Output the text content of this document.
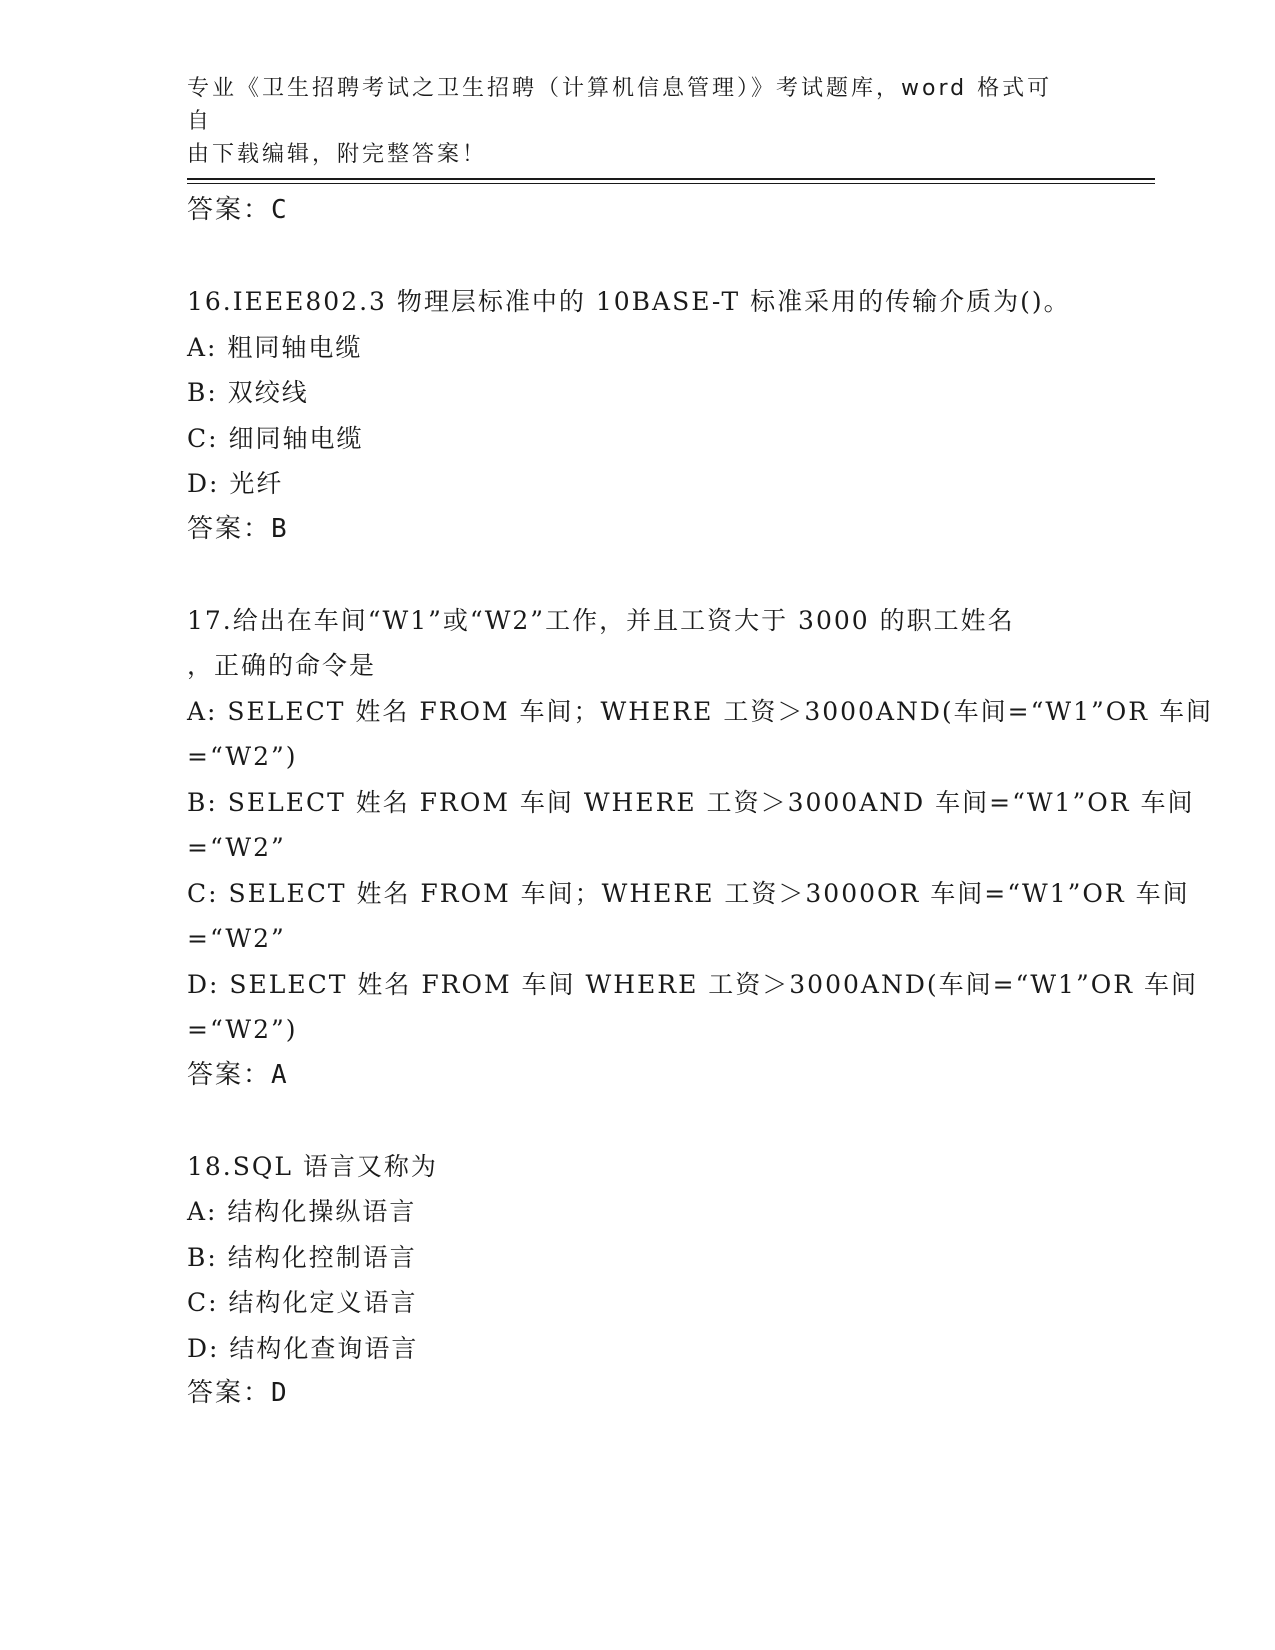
专业《卫生招聘考试之卫生招聘（计算机信息管理）》考试题库，word 格式可自
由下载编辑，附完整答案！
答案：C
16.IEEE802.3 物理层标准中的 10BASE-T 标准采用的传输介质为()。
A: 粗同轴电缆
B: 双绞线
C: 细同轴电缆
D: 光纤
答案：B
17.给出在车间“W1”或“W2”工作，并且工资大于 3000 的职工姓名
，正确的命令是
A: SELECT 姓名 FROM 车间；WHERE 工资＞3000AND(车间=“W1”OR 车间
=“W2”)
B: SELECT 姓名 FROM 车间 WHERE 工资＞3000AND 车间=“W1”OR 车间
=“W2”
C: SELECT 姓名 FROM 车间；WHERE 工资＞3000OR 车间=“W1”OR 车间
=“W2”
D: SELECT 姓名 FROM 车间 WHERE 工资＞3000AND(车间=“W1”OR 车间
=“W2”)
答案：A
18.SQL 语言又称为
A: 结构化操纵语言
B: 结构化控制语言
C: 结构化定义语言
D: 结构化查询语言
答案：D
